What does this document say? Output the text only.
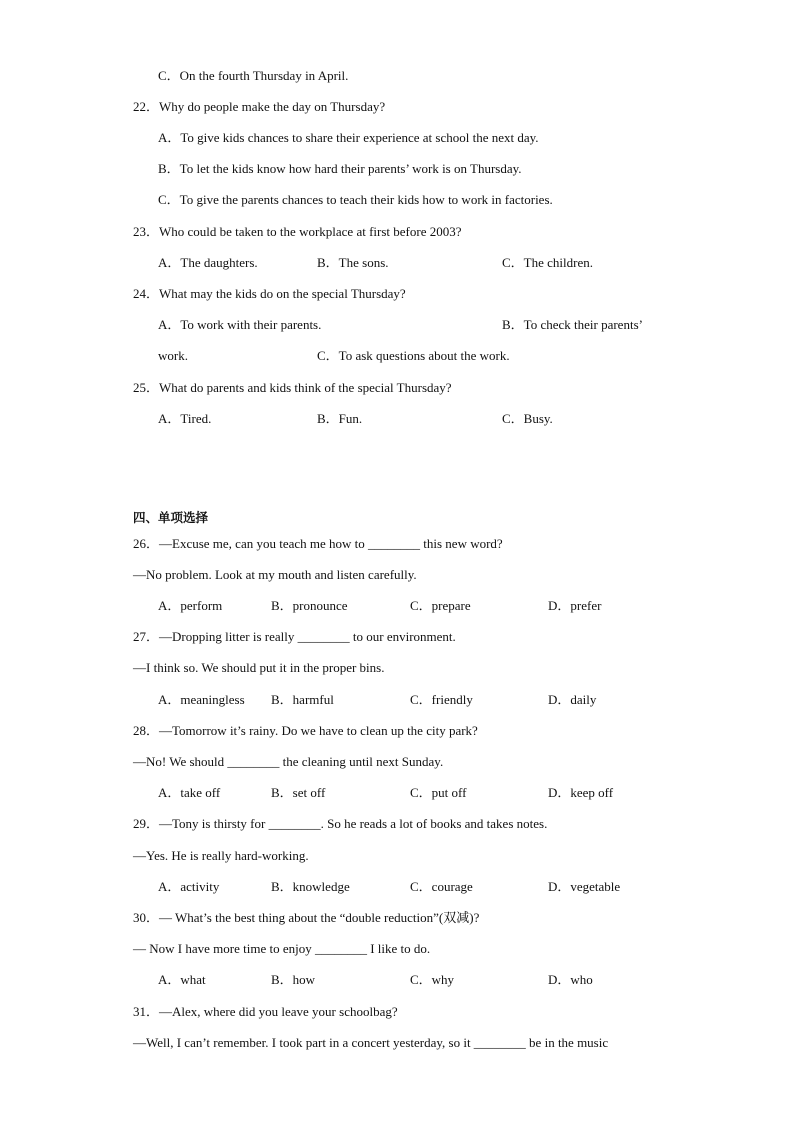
C．On the fourth Thursday in April.
22．Why do people make the day on Thursday?
A．To give kids chances to share their experience at school the next day.
B．To let the kids know how hard their parents’ work is on Thursday.
C．To give the parents chances to teach their kids how to work in factories.
23．Who could be taken to the workplace at first before 2003?
A．The daughters.	B．The sons.	C．The children.
24．What may the kids do on the special Thursday?
A．To work with their parents.	B．To check their parents’
work.	C．To ask questions about the work.
25．What do parents and kids think of the special Thursday?
A．Tired.	B．Fun.	C．Busy.
四、单项选择
26．—Excuse me, can you teach me how to ________ this new word?
—No problem. Look at my mouth and listen carefully.
A．perform	B．pronounce	C．prepare	D．prefer
27．—Dropping litter is really ________ to our environment.
—I think so. We should put it in the proper bins.
A．meaningless B．harmful	C．friendly	D．daily
28．—Tomorrow it’s rainy. Do we have to clean up the city park?
—No! We should ________ the cleaning until next Sunday.
A．take off	B．set off	C．put off	D．keep off
29．—Tony is thirsty for ________. So he reads a lot of books and takes notes.
—Yes. He is really hard-working.
A．activity	B．knowledge	C．courage	D．vegetable
30．— What’s the best thing about the “double reduction”(双减)?
— Now I have more time to enjoy ________ I like to do.
A．what	B．how	C．why	D．who
31．—Alex, where did you leave your schoolbag?
—Well, I can’t remember. I took part in a concert yesterday, so it ________ be in the music
